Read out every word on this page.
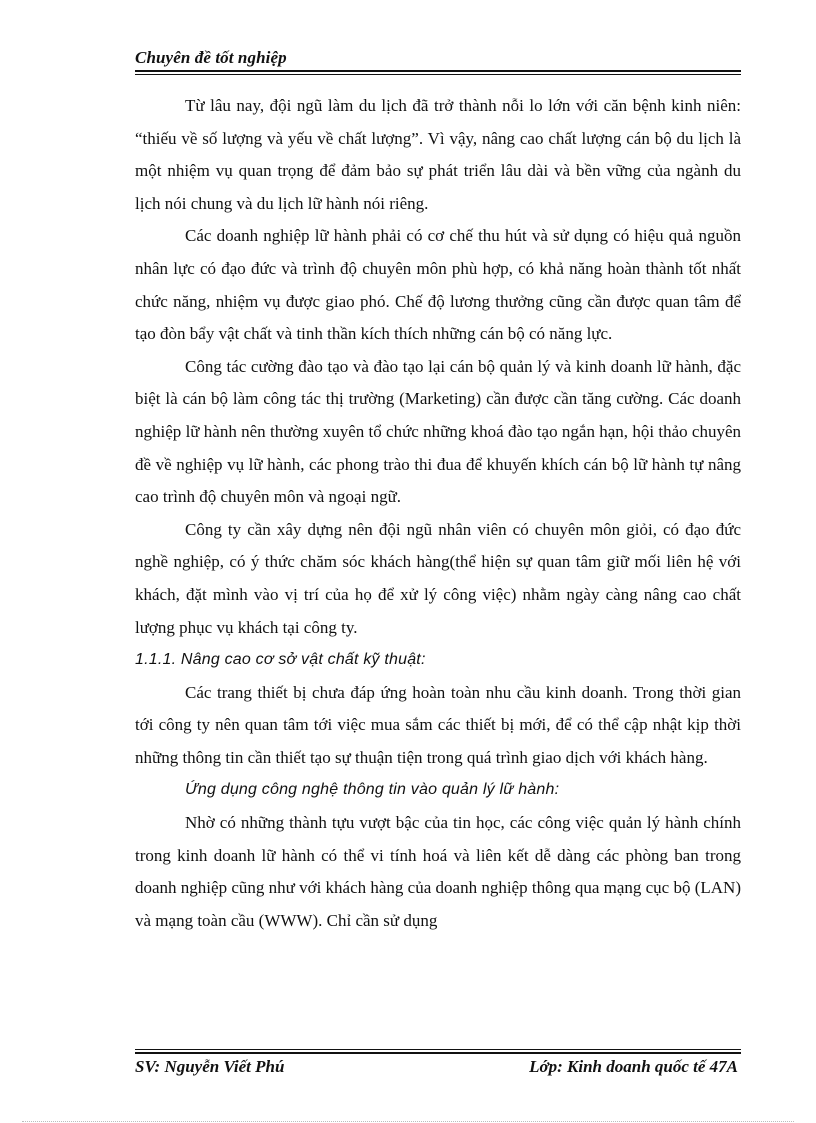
Chuyên đề tốt nghiệp

Từ lâu nay, đội ngũ làm du lịch đã trở thành nỗi lo lớn với căn bệnh kinh niên: “thiếu về số lượng và yếu về chất lượng”. Vì vậy, nâng cao chất lượng cán bộ du lịch là một nhiệm vụ quan trọng để đảm bảo sự phát triển lâu dài và bền vững của ngành du lịch nói chung và du lịch lữ hành nói riêng.

Các doanh nghiệp lữ hành phải có cơ chế thu hút và sử dụng có hiệu quả nguồn nhân lực có đạo đức và trình độ chuyên môn phù hợp, có khả năng hoàn thành tốt nhất chức năng, nhiệm vụ được giao phó. Chế độ lương thưởng cũng cần được quan tâm để tạo đòn bẩy vật chất và tinh thần kích thích những cán bộ có năng lực.

Công tác cường đào tạo và đào tạo lại cán bộ quản lý và kinh doanh lữ hành, đặc biệt là cán bộ làm công tác thị trường (Marketing) cần được cần tăng cường. Các doanh nghiệp lữ hành nên thường xuyên tổ chức những khoá đào tạo ngắn hạn, hội thảo chuyên đề về nghiệp vụ lữ hành, các phong trào thi đua để khuyến khích cán bộ lữ hành tự nâng cao trình độ chuyên môn và ngoại ngữ.

Công ty cần xây dựng nên đội ngũ nhân viên có chuyên môn giỏi, có đạo đức nghề nghiệp, có ý thức chăm sóc khách hàng(thể hiện sự quan tâm giữ mối liên hệ với khách, đặt mình vào vị trí của họ để xử lý công việc) nhằm ngày càng nâng cao chất lượng phục vụ khách tại công ty.

1.1.1. Nâng cao cơ sở vật chất kỹ thuật:

Các trang thiết bị chưa đáp ứng hoàn toàn nhu cầu kinh doanh. Trong thời gian tới công ty nên quan tâm tới việc mua sắm các thiết bị mới, để có thể cập nhật kịp thời những thông tin cần thiết tạo sự thuận tiện trong quá trình giao dịch với khách hàng.

Ứng dụng công nghệ thông tin vào quản lý lữ hành:

Nhờ có những thành tựu vượt bậc của tin học, các công việc quản lý hành chính trong kinh doanh lữ hành có thể vi tính hoá và liên kết dễ dàng các phòng ban trong doanh nghiệp cũng như với khách hàng của doanh nghiệp thông qua mạng cục bộ (LAN) và mạng toàn cầu (WWW). Chỉ cần sử dụng

SV: Nguyễn Viết Phú	Lớp: Kinh doanh quốc tế 47A
